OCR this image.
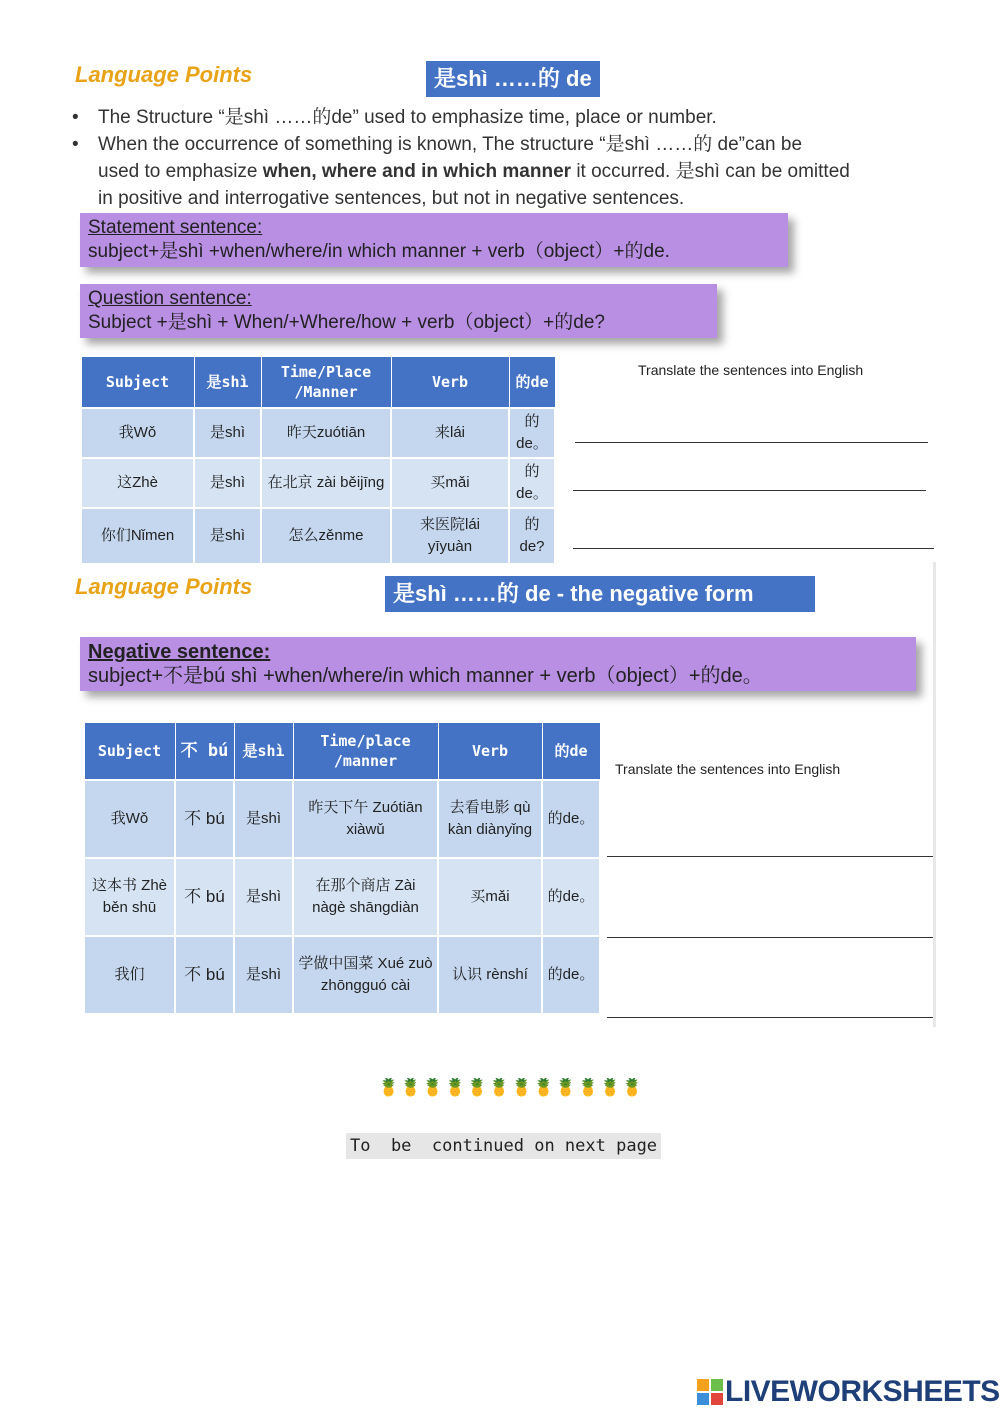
Language Points	是shì ……的 de
• The Structure “是shì ……的de” used to emphasize time, place or number.
• When the occurrence of something is known, The structure “是shì ……的 de”can be
used to emphasize when, where and in which manner it occurred. 是shì can be omitted
in positive and interrogative sentences, but not in negative sentences.
Statement sentence:
subject+是shì +when/where/in which manner + verb（object）+的de.
Question sentence:
Subject +是shì + When/+Where/how + verb（object）+的de?
Subject	是shì	Time/Place /Manner	Verb	的de
我Wǒ	是shì	昨天zuótiān	来lái	的de。
这Zhè	是shì	在北京 zài běijīng	买mǎi	的de。
你们Nǐmen	是shì	怎么zěnme	来医院lái yīyuàn	的de?
Translate the sentences into English
Language Points	是shì ……的 de - the negative form
Negative sentence:
subject+不是bú shì +when/where/in which manner + verb（object）+的de。
Subject	不 bú	是shì	Time/place /manner	Verb	的de
我Wǒ	不 bú	是shì	昨天下午 Zuótiān xiàwǔ	去看电影 qù kàn diànyǐng	的de。
这本书 Zhè běn shū	不 bú	是shì	在那个商店 Zài nàgè shāngdiàn	买mǎi	的de。
我们	不 bú	是shì	学做中国菜 Xué zuò zhōngguó cài	认识 rènshí	的de。
Translate the sentences into English
🍍🍍🍍🍍🍍🍍🍍🍍🍍🍍🍍🍍
To  be  continued on next page
LIVEWORKSHEETS
